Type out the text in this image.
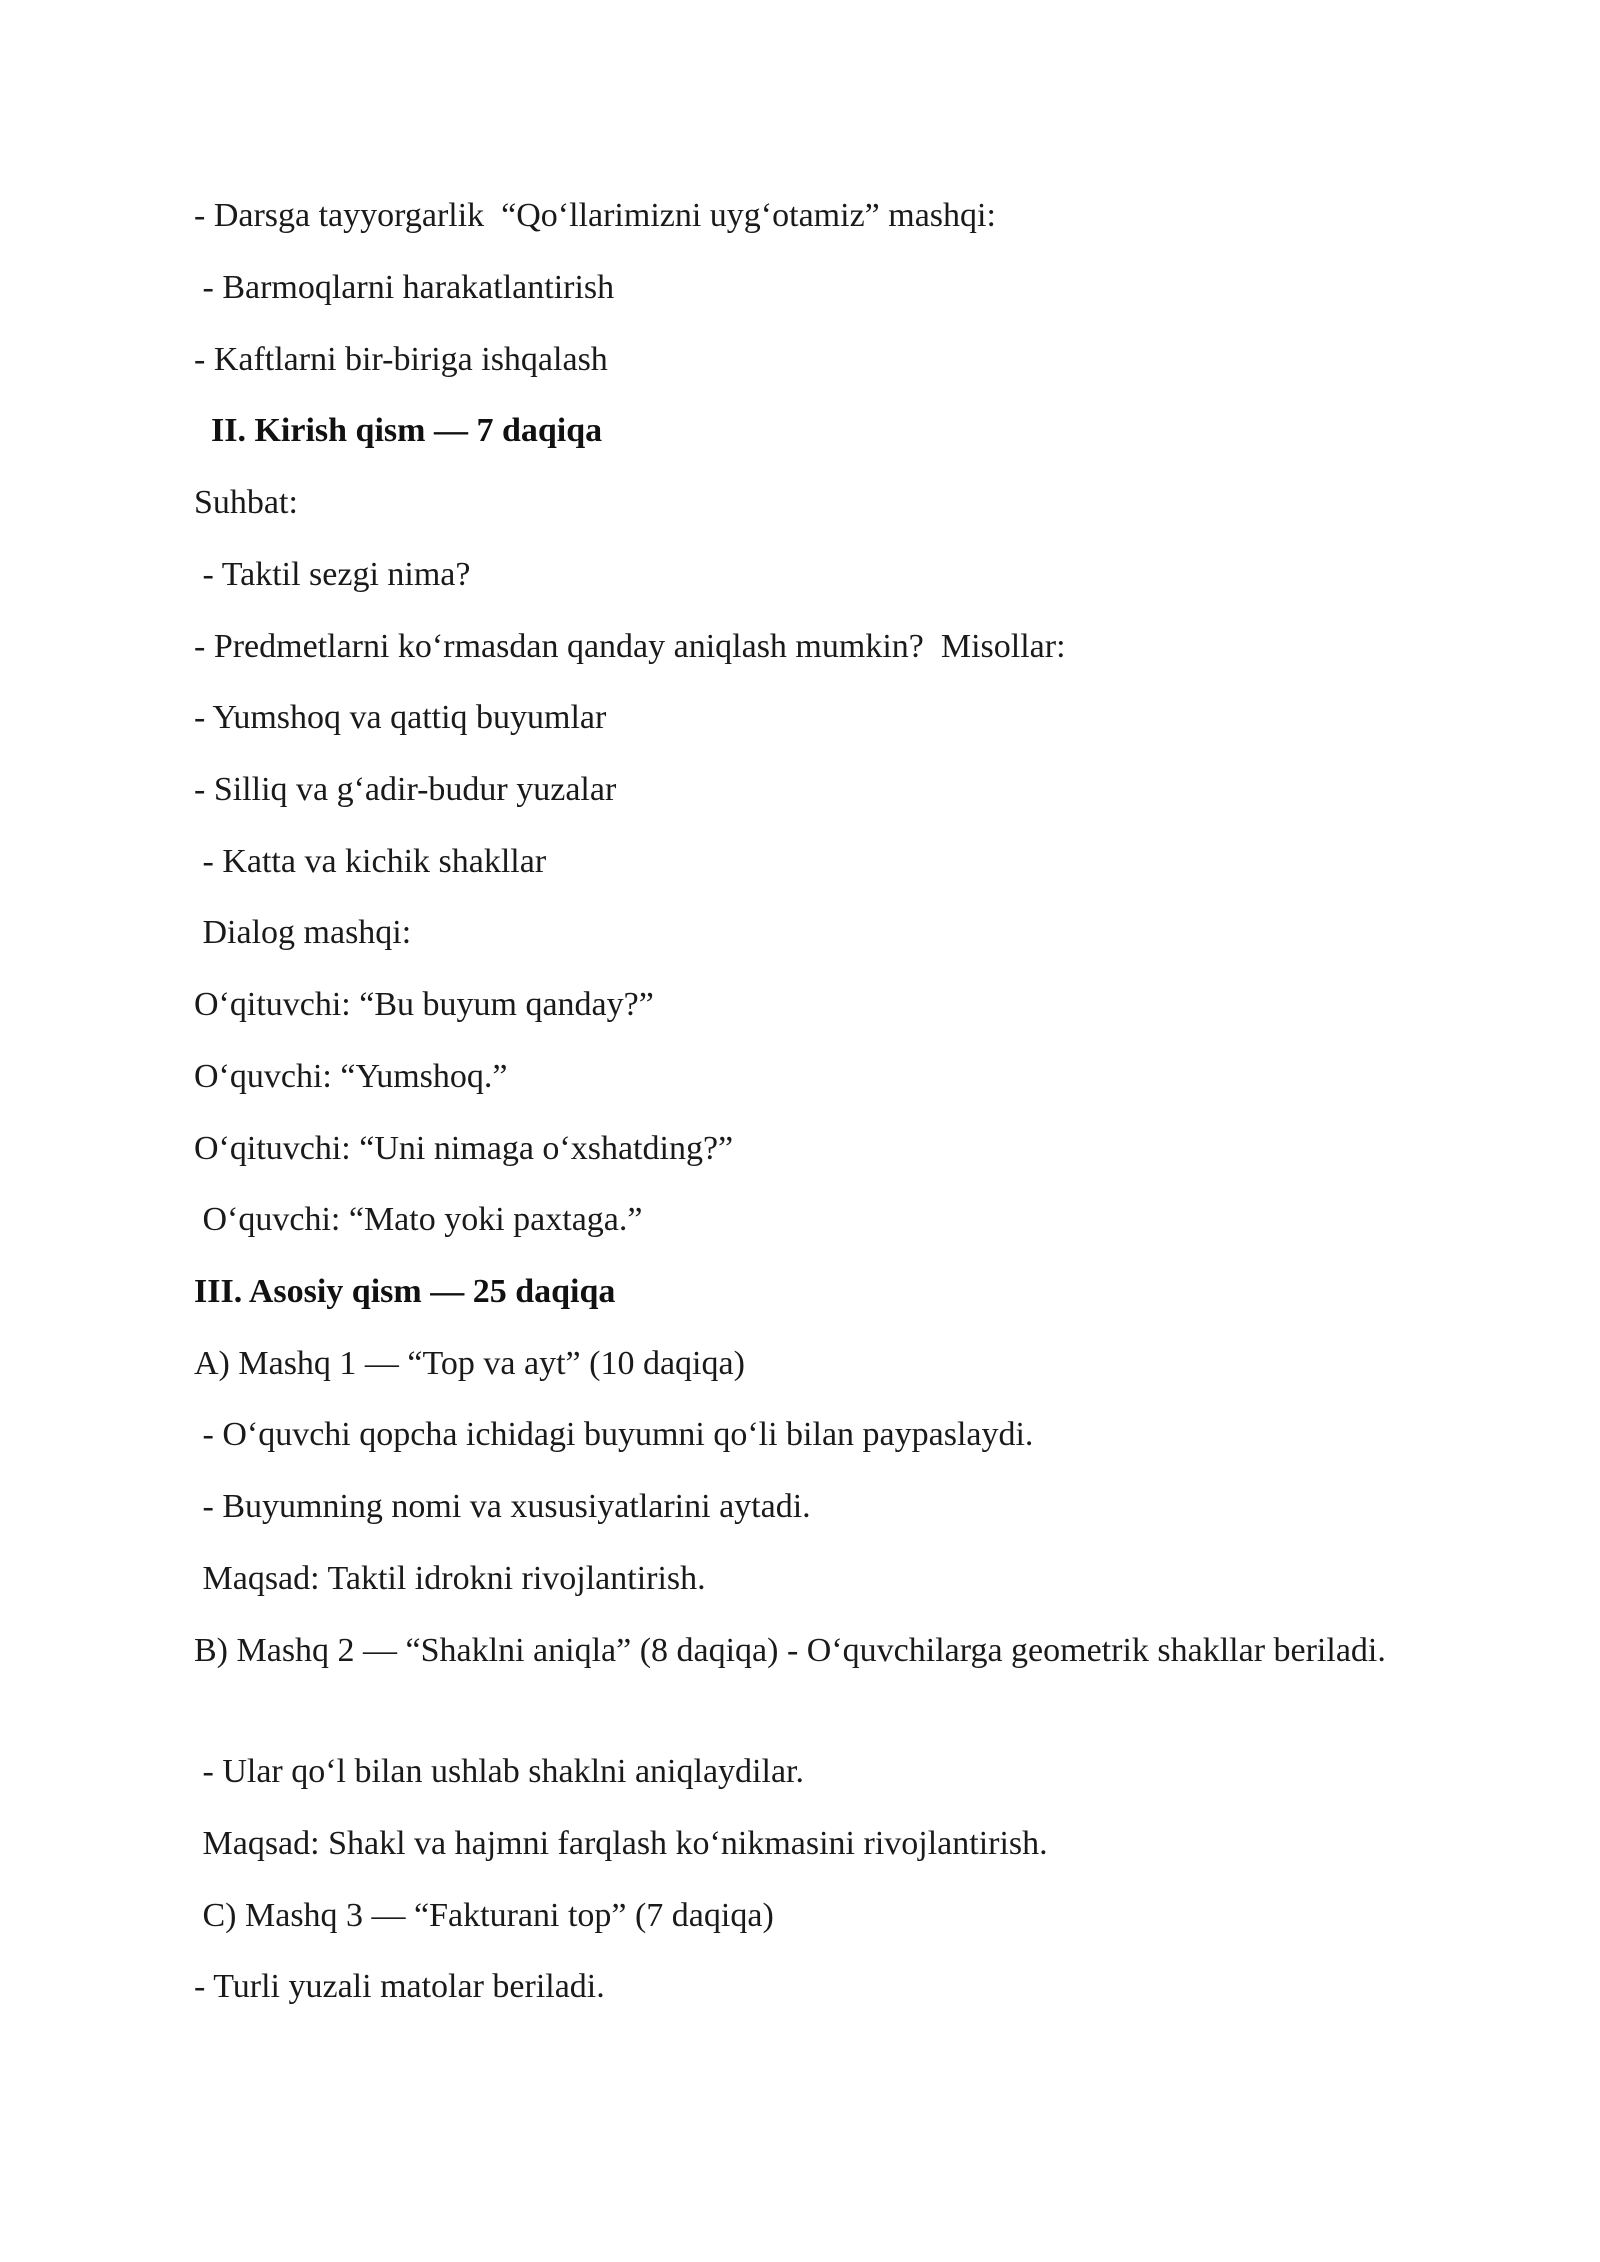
- Darsga tayyorgarlik  “Qo‘llarimizni uyg‘otamiz” mashqi:

- Barmoqlarni harakatlantirish

- Kaftlarni bir-biriga ishqalash

II. Kirish qism — 7 daqiqa

Suhbat:

- Taktil sezgi nima?

- Predmetlarni ko‘rmasdan qanday aniqlash mumkin?  Misollar:

- Yumshoq va qattiq buyumlar

- Silliq va g‘adir-budur yuzalar

- Katta va kichik shakllar

Dialog mashqi:

O‘qituvchi: “Bu buyum qanday?”

O‘quvchi: “Yumshoq.”

O‘qituvchi: “Uni nimaga o‘xshatding?”

O‘quvchi: “Mato yoki paxtaga.”

III. Asosiy qism — 25 daqiqa

A) Mashq 1 — “Top va ayt” (10 daqiqa)

- O‘quvchi qopcha ichidagi buyumni qo‘li bilan paypaslaydi.

- Buyumning nomi va xususiyatlarini aytadi.

Maqsad: Taktil idrokni rivojlantirish.

B) Mashq 2 — “Shaklni aniqla” (8 daqiqa) - O‘quvchilarga geometrik shakllar beriladi.

- Ular qo‘l bilan ushlab shaklni aniqlaydilar.

Maqsad: Shakl va hajmni farqlash ko‘nikmasini rivojlantirish.

C) Mashq 3 — “Fakturani top” (7 daqiqa)

- Turli yuzali matolar beriladi.
